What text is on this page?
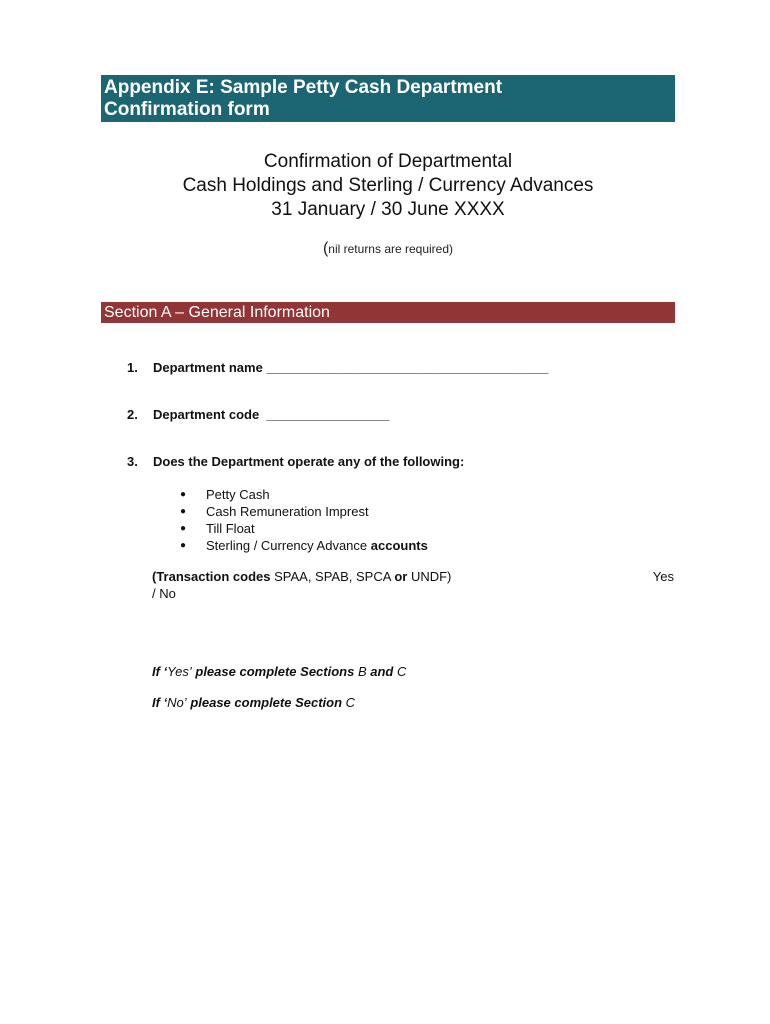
Appendix E: Sample Petty Cash Department
Confirmation form
Confirmation of Departmental
Cash Holdings and Sterling / Currency Advances
31 January / 30 June XXXX
(nil returns are required)
Section A – General Information
1. Department name _______________________________________
2. Department code _________________
3. Does the Department operate any of the following:
● Petty Cash
● Cash Remuneration Imprest
● Till Float
● Sterling / Currency Advance accounts
(Transaction codes SPAA, SPAB, SPCA or UNDF)	Yes
/ No
If ‘Yes’ please complete Sections B and C
If ‘No’ please complete Section C
